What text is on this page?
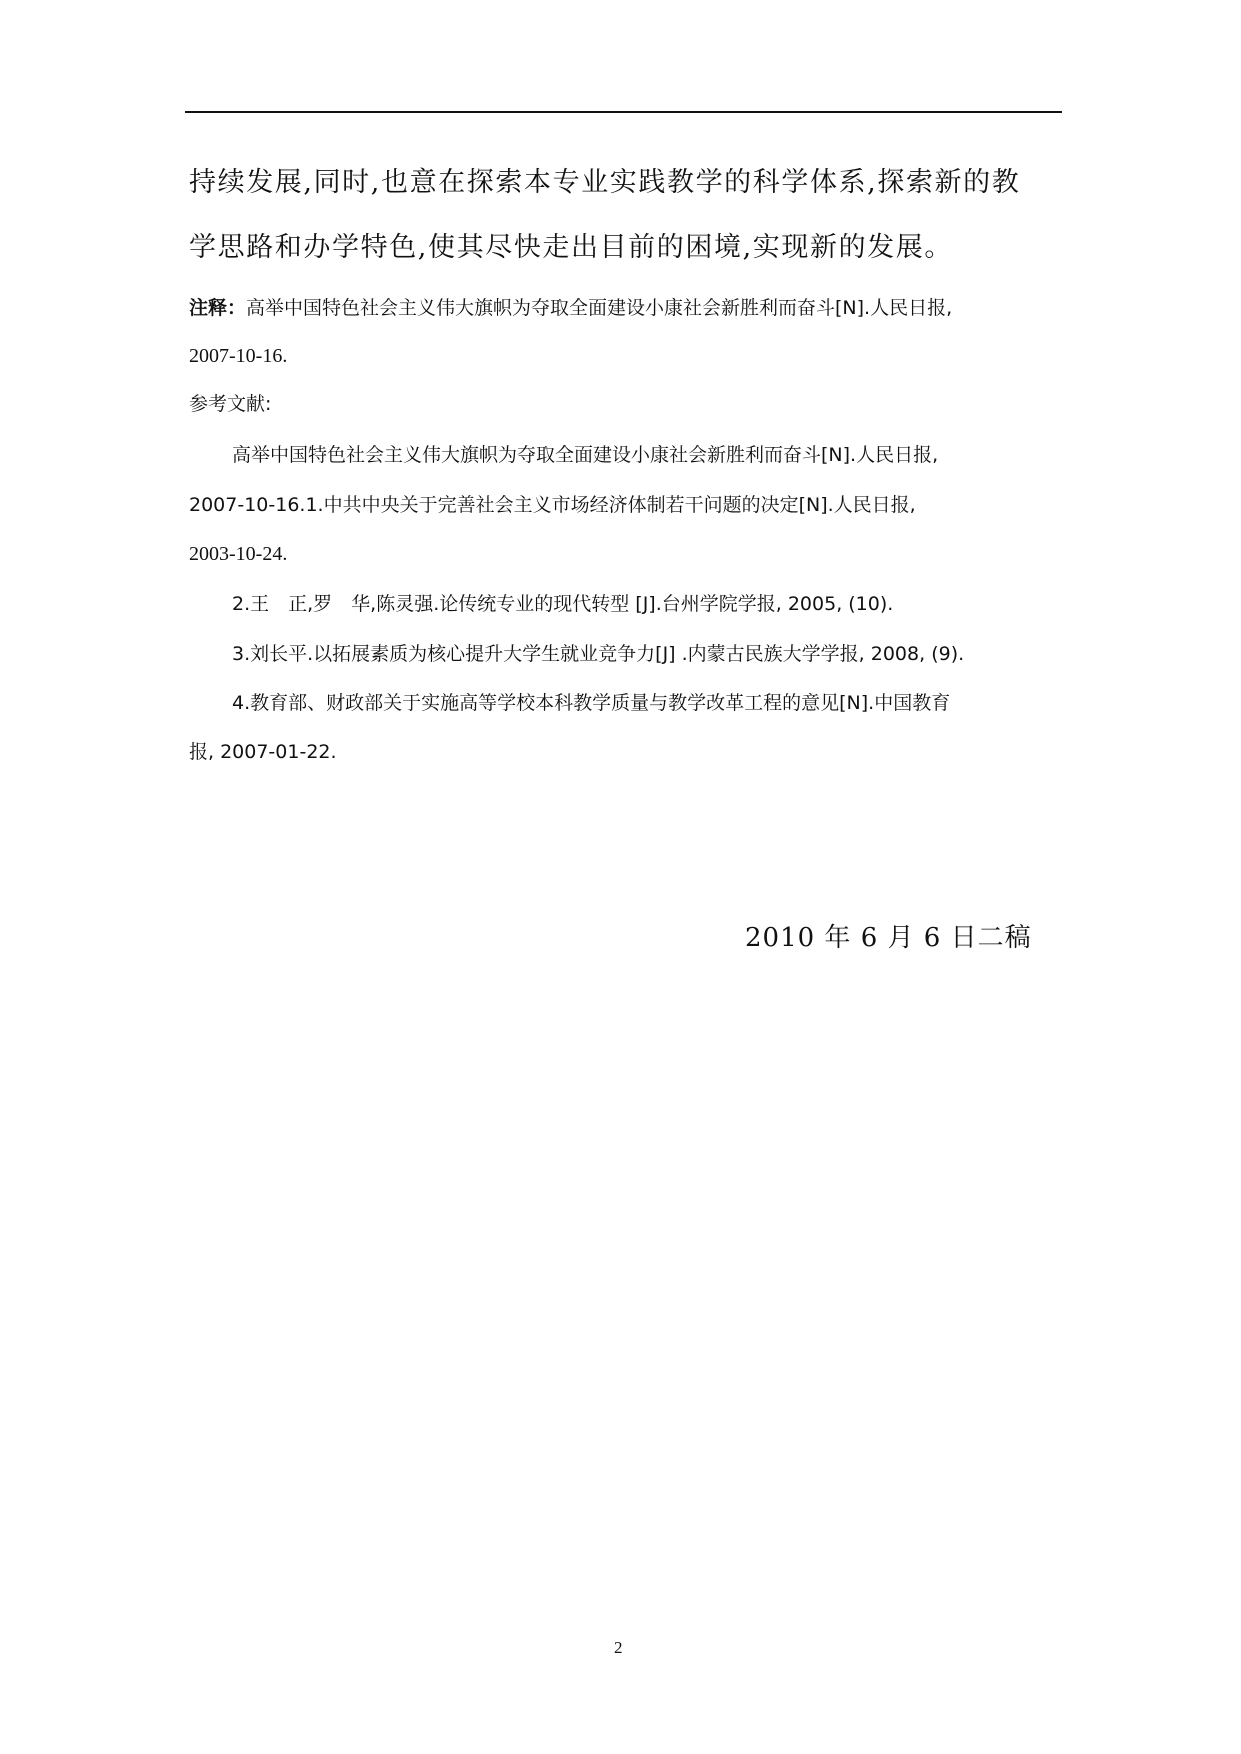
持续发展,同时,也意在探索本专业实践教学的科学体系,探索新的教
学思路和办学特色,使其尽快走出目前的困境,实现新的发展。
注释：高举中国特色社会主义伟大旗帜为夺取全面建设小康社会新胜利而奋斗[N].人民日报,
2007-10-16.
参考文献:
高举中国特色社会主义伟大旗帜为夺取全面建设小康社会新胜利而奋斗[N].人民日报,
2007-10-16.1.中共中央关于完善社会主义市场经济体制若干问题的决定[N].人民日报,
2003-10-24.
2.王　正,罗　华,陈灵强.论传统专业的现代转型 [J].台州学院学报, 2005, (10).
3.刘长平.以拓展素质为核心提升大学生就业竞争力[J] .内蒙古民族大学学报, 2008, (9).
4.教育部、财政部关于实施高等学校本科教学质量与教学改革工程的意见[N].中国教育
报, 2007-01-22.
2010 年 6 月 6 日二稿
2
